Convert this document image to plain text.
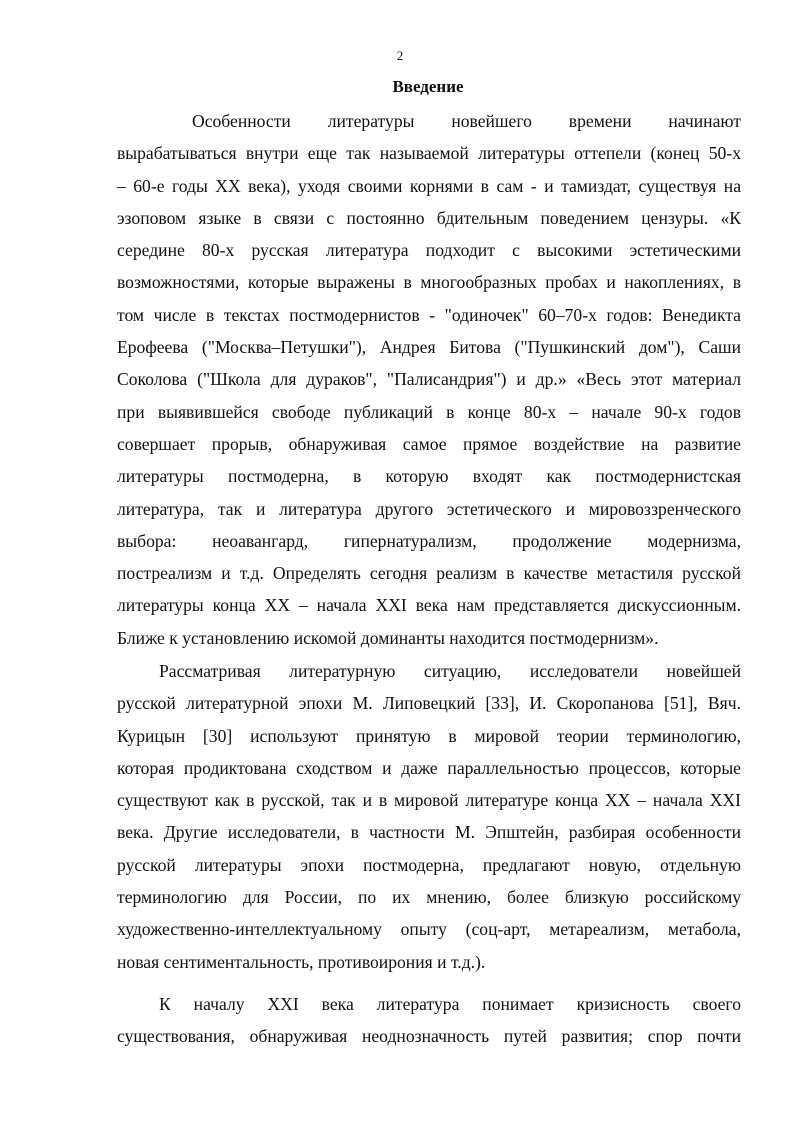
2
Введение
Особенности литературы новейшего времени начинают
вырабатываться внутри еще так называемой литературы оттепели (конец 50-х
– 60-е годы XX века), уходя своими корнями в сам - и тамиздат, существуя на
эзоповом языке в связи с постоянно бдительным поведением цензуры. «К
середине 80-х русская литература подходит с высокими эстетическими
возможностями, которые выражены в многообразных пробах и накоплениях, в
том числе в текстах постмодернистов - "одиночек" 60–70-х годов: Венедикта
Ерофеева ("Москва–Петушки"), Андрея Битова ("Пушкинский дом"), Саши
Соколова ("Школа для дураков", "Палисандрия") и др.» «Весь этот материал
при выявившейся свободе публикаций в конце 80-х – начале 90-х годов
совершает прорыв, обнаруживая самое прямое воздействие на развитие
литературы постмодерна, в которую входят как постмодернистская
литература, так и литература другого эстетического и мировоззренческого
выбора: неоавангард, гипернатурализм, продолжение модернизма,
постреализм и т.д. Определять сегодня реализм в качестве метастиля русской
литературы конца XX – начала XXI века нам представляется дискуссионным.
Ближе к установлению искомой доминанты находится постмодернизм».
Рассматривая литературную ситуацию, исследователи новейшей
русской литературной эпохи М. Липовецкий [33], И. Скоропанова [51], Вяч.
Курицын [30] используют принятую в мировой теории терминологию,
которая продиктована сходством и даже параллельностью процессов, которые
существуют как в русской, так и в мировой литературе конца XX – начала XXI
века. Другие исследователи, в частности М. Эпштейн, разбирая особенности
русской литературы эпохи постмодерна, предлагают новую, отдельную
терминологию для России, по их мнению, более близкую российскому
художественно-интеллектуальному опыту (соц-арт, метареализм, метабола,
новая сентиментальность, противоирония и т.д.).
К началу XXI века литература понимает кризисность своего
существования, обнаруживая неоднозначность путей развития; спор почти
